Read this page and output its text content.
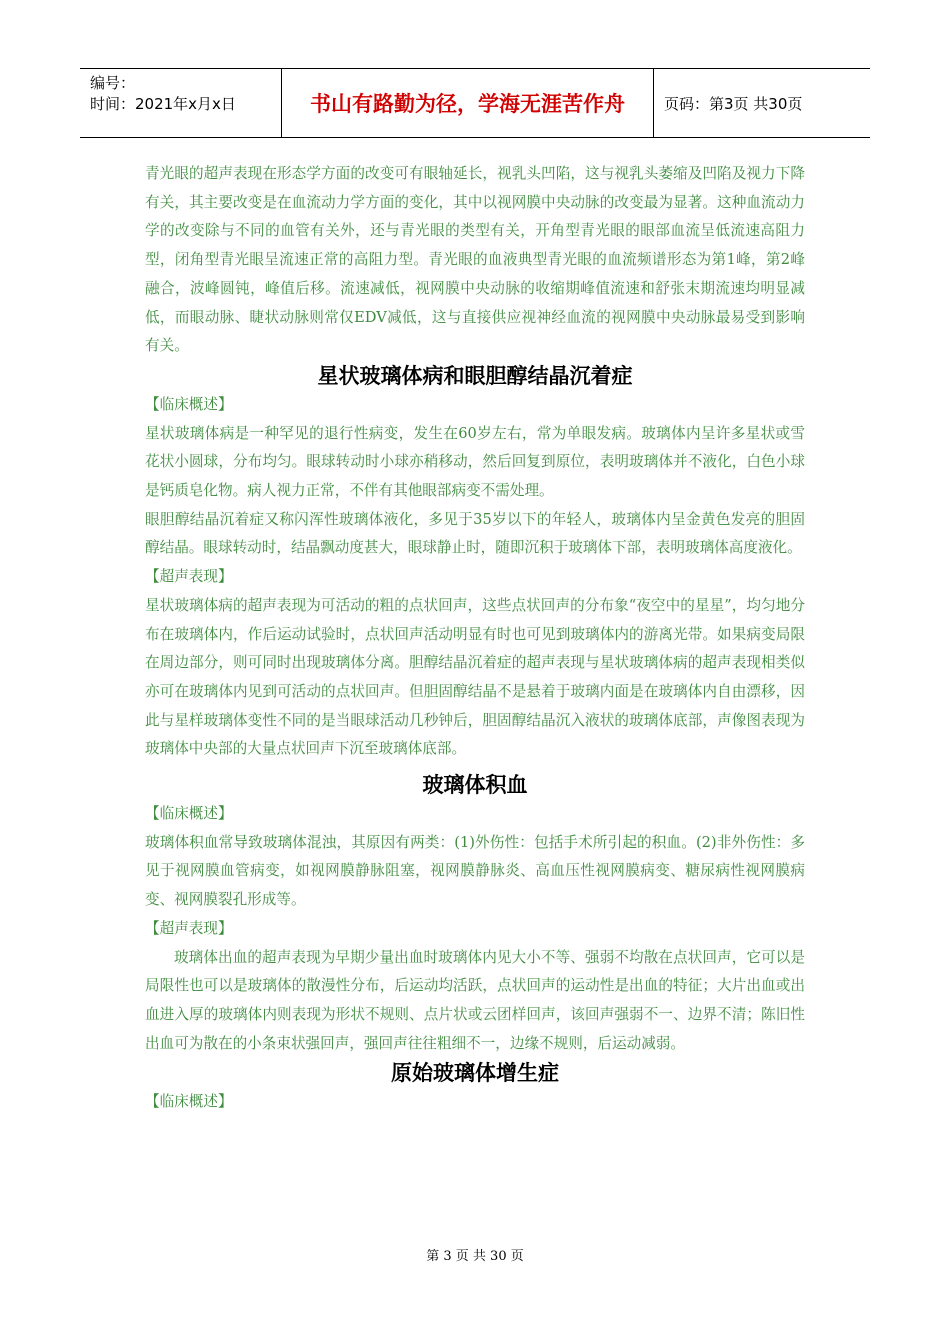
编号：
时间：2021年x月x日	书山有路勤为径，学海无涯苦作舟	页码：第3页 共30页

青光眼的超声表现在形态学方面的改变可有眼轴延长，视乳头凹陷，这与视乳头萎缩及凹陷及视力下降有关，其主要改变是在血流动力学方面的变化，其中以视网膜中央动脉的改变最为显著。这种血流动力学的改变除与不同的血管有关外，还与青光眼的类型有关，开角型青光眼的眼部血流呈低流速高阻力型，闭角型青光眼呈流速正常的高阻力型。青光眼的血液典型青光眼的血流频谱形态为第1峰，第2峰融合，波峰圆钝，峰值后移。流速减低，视网膜中央动脉的收缩期峰值流速和舒张末期流速均明显减低，而眼动脉、睫状动脉则常仅EDV减低，这与直接供应视神经血流的视网膜中央动脉最易受到影响有关。

星状玻璃体病和眼胆醇结晶沉着症

【临床概述】

星状玻璃体病是一种罕见的退行性病变，发生在60岁左右，常为单眼发病。玻璃体内呈许多星状或雪花状小圆球，分布均匀。眼球转动时小球亦稍移动，然后回复到原位，表明玻璃体并不液化，白色小球是钙质皂化物。病人视力正常，不伴有其他眼部病变不需处理。

眼胆醇结晶沉着症又称闪浑性玻璃体液化，多见于35岁以下的年轻人，玻璃体内呈金黄色发亮的胆固醇结晶。眼球转动时，结晶飘动度甚大，眼球静止时，随即沉积于玻璃体下部，表明玻璃体高度液化。

【超声表现】

星状玻璃体病的超声表现为可活动的粗的点状回声，这些点状回声的分布象“夜空中的星星”，均匀地分布在玻璃体内，作后运动试验时，点状回声活动明显有时也可见到玻璃体内的游离光带。如果病变局限在周边部分，则可同时出现玻璃体分离。胆醇结晶沉着症的超声表现与星状玻璃体病的超声表现相类似亦可在玻璃体内见到可活动的点状回声。但胆固醇结晶不是悬着于玻璃内面是在玻璃体内自由漂移，因此与星样玻璃体变性不同的是当眼球活动几秒钟后，胆固醇结晶沉入液状的玻璃体底部，声像图表现为玻璃体中央部的大量点状回声下沉至玻璃体底部。

玻璃体积血

【临床概述】

玻璃体积血常导致玻璃体混浊，其原因有两类：(1)外伤性：包括手术所引起的积血。(2)非外伤性：多见于视网膜血管病变，如视网膜静脉阻塞，视网膜静脉炎、高血压性视网膜病变、糖尿病性视网膜病变、视网膜裂孔形成等。

【超声表现】

玻璃体出血的超声表现为早期少量出血时玻璃体内见大小不等、强弱不均散在点状回声，它可以是局限性也可以是玻璃体的散漫性分布，后运动均活跃，点状回声的运动性是出血的特征；大片出血或出血进入厚的玻璃体内则表现为形状不规则、点片状或云团样回声，该回声强弱不一、边界不清；陈旧性出血可为散在的小条束状强回声，强回声往往粗细不一，边缘不规则，后运动减弱。

原始玻璃体增生症

【临床概述】

第 3 页 共 30 页
